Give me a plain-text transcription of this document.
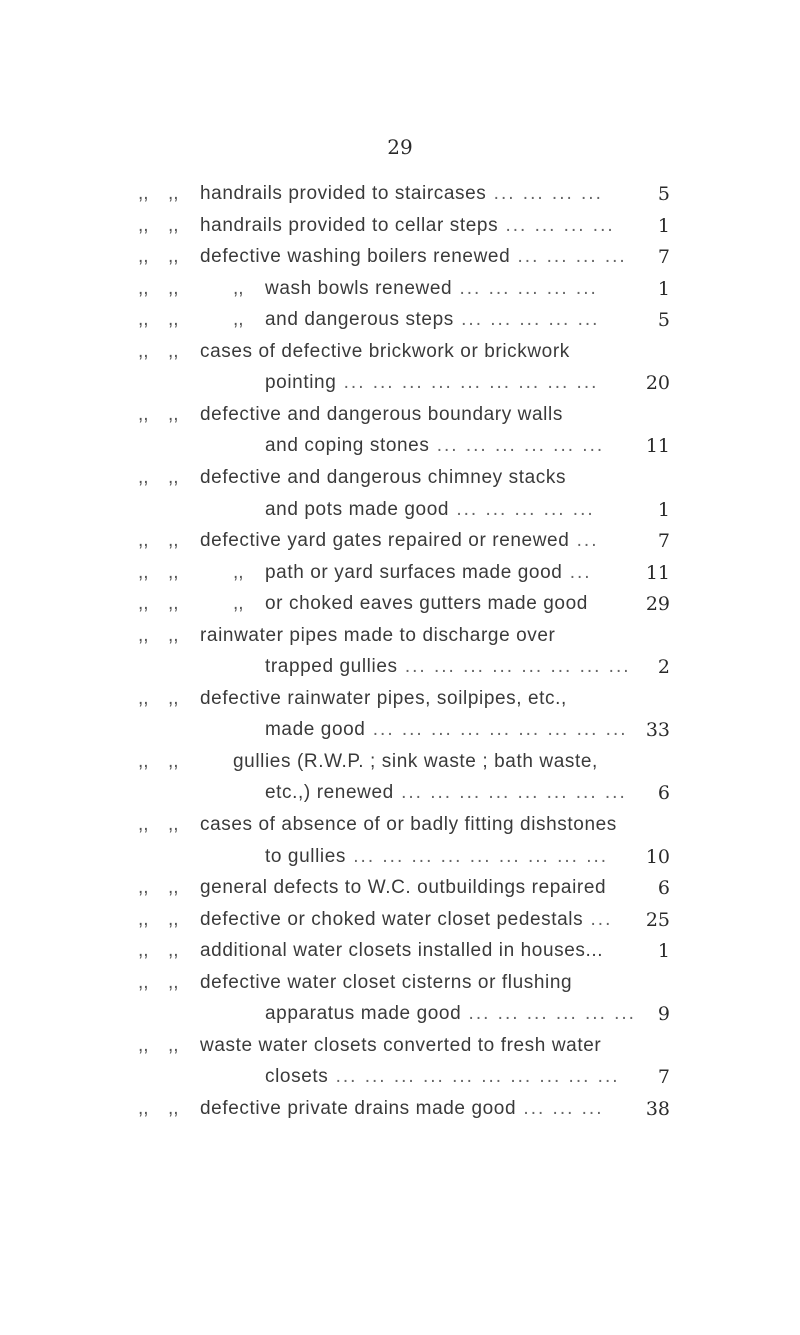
29
,,	,,	handrails provided to staircases ... ... ... ...	5
,,	,,	handrails provided to cellar steps ... ... ... ...	1
,,	,,	defective washing boilers renewed ... ... ... ...	7
,,	,,	,,	wash bowls renewed ... ... ... ... ...	1
,,	,,	,,	and dangerous steps ... ... ... ... ...	5
,,	,,	cases of defective brickwork or brickwork
pointing ... ... ... ... ... ... ... ... ...	20
,,	,,	defective and dangerous boundary walls
and coping stones ... ... ... ... ... ...	11
,,	,,	defective and dangerous chimney stacks
and pots made good ... ... ... ... ...	1
,,	,,	defective yard gates repaired or renewed ...	7
,,	,,	,,	path or yard surfaces made good ...	11
,,	,,	,,	or choked eaves gutters made good	29
,,	,,	rainwater pipes made to discharge over
trapped gullies ... ... ... ... ... ... ... ...	2
,,	,,	defective rainwater pipes, soilpipes, etc.,
made good ... ... ... ... ... ... ... ... ... 33
,,	,,	gullies (R.W.P. ; sink waste ; bath waste,
etc.,) renewed ... ... ... ... ... ... ... ...	6
,,	,,	cases of absence of or badly fitting dishstones
to gullies ... ... ... ... ... ... ... ... ...	10
,,	,,	general defects to W.C. outbuildings repaired	6
,,	,,	defective or choked water closet pedestals ...	25
,,	,,	additional water closets installed in houses...	1
,,	,,	defective water closet cisterns or flushing
apparatus made good ... ... ... ... ... ...	9
,,	,,	waste water closets converted to fresh water
closets ... ... ... ... ... ... ... ... ... ...	7
,,	,,	defective private drains made good ... ... ...	38
